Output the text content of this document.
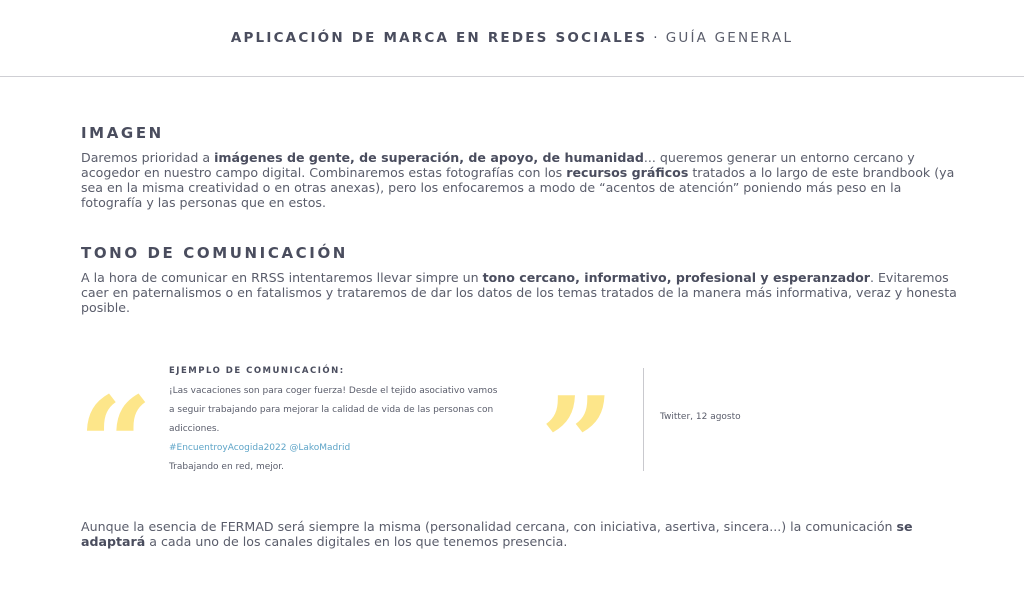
APLICACIÓN DE MARCA EN REDES SOCIALES · GUÍA GENERAL
IMAGEN

Daremos prioridad a imágenes de gente, de superación, de apoyo, de humanidad... queremos generar un entorno cercano y acogedor en nuestro campo digital. Combinaremos estas fotografías con los recursos gráficos tratados a lo largo de este brandbook (ya sea en la misma creatividad o en otras anexas), pero los enfocaremos a modo de “acentos de atención” poniendo más peso en la fotografía y las personas que en estos.

TONO DE COMUNICACIÓN

A la hora de comunicar en RRSS intentaremos llevar simpre un tono cercano, informativo, profesional y esperanzador. Evitaremos caer en paternalismos o en fatalismos y trataremos de dar los datos de los temas tratados de la manera más informativa, veraz y honesta posible.

“	”
EJEMPLO DE COMUNICACIÓN:
¡Las vacaciones son para coger fuerza! Desde el tejido asociativo vamos
a seguir trabajando para mejorar la calidad de vida de las personas con
adicciones.
#EncuentroyAcogida2022 @LakoMadrid
Trabajando en red, mejor.
Twitter, 12 agosto

Aunque la esencia de FERMAD será siempre la misma (personalidad cercana, con iniciativa, asertiva, sincera...) la comunicación se adaptará a cada uno de los canales digitales en los que tenemos presencia.
